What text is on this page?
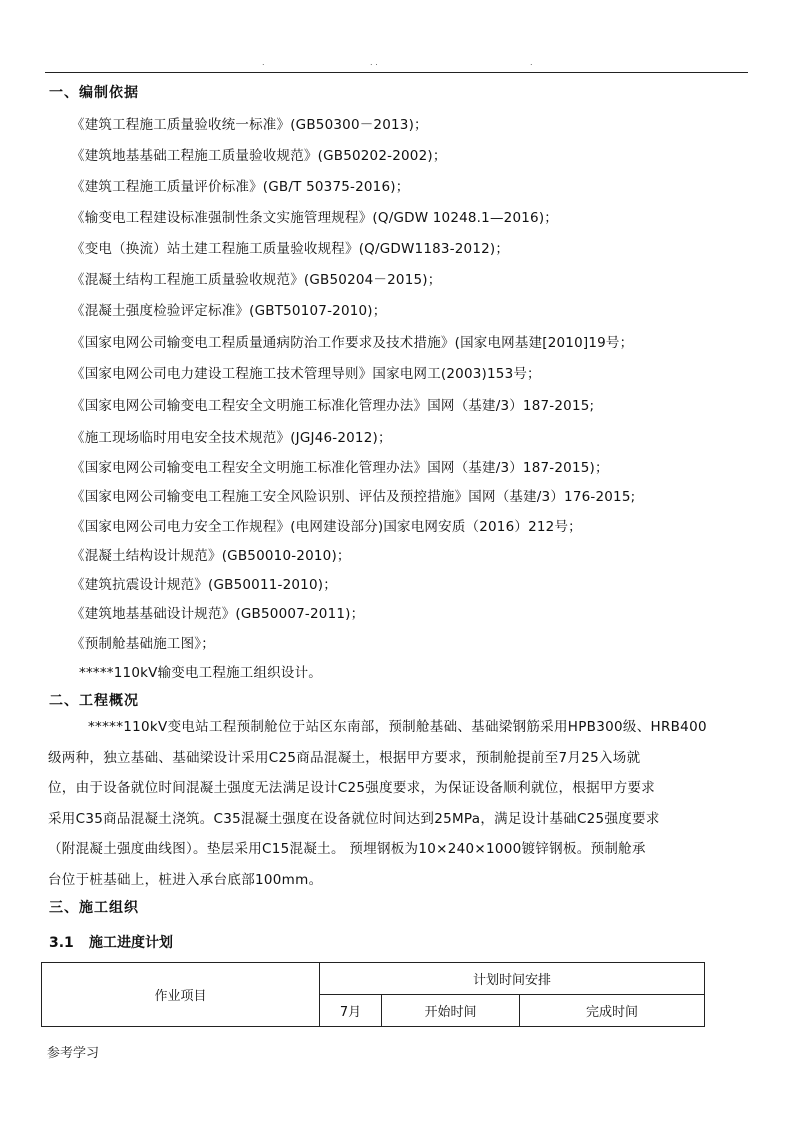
.	. .	.
一、编制依据
《建筑工程施工质量验收统一标准》(GB50300－2013)；
《建筑地基基础工程施工质量验收规范》(GB50202-2002)；
《建筑工程施工质量评价标准》(GB/T 50375-2016)；
《输变电工程建设标准强制性条文实施管理规程》(Q/GDW 10248.1—2016)；
《变电（换流）站土建工程施工质量验收规程》(Q/GDW1183-2012)；
《混凝土结构工程施工质量验收规范》(GB50204－2015)；
《混凝土强度检验评定标准》(GBT50107-2010)；
《国家电网公司输变电工程质量通病防治工作要求及技术措施》(国家电网基建[2010]19号；
《国家电网公司电力建设工程施工技术管理导则》国家电网工(2003)153号；
《国家电网公司输变电工程安全文明施工标准化管理办法》国网（基建/3）187-2015;
《施工现场临时用电安全技术规范》(JGJ46-2012)；
《国家电网公司输变电工程安全文明施工标准化管理办法》国网（基建/3）187-2015)；
《国家电网公司输变电工程施工安全风险识别、评估及预控措施》国网（基建/3）176-2015;
《国家电网公司电力安全工作规程》(电网建设部分)国家电网安质（2016）212号；
《混凝土结构设计规范》(GB50010-2010)；
《建筑抗震设计规范》(GB50011-2010)；
《建筑地基基础设计规范》(GB50007-2011)；
《预制舱基础施工图》；
*****110kV输变电工程施工组织设计。
二、工程概况
*****110kV变电站工程预制舱位于站区东南部，预制舱基础、基础梁钢筋采用HPB300级、HRB400
级两种，独立基础、基础梁设计采用C25商品混凝土，根据甲方要求，预制舱提前至7月25入场就
位，由于设备就位时间混凝土强度无法满足设计C25强度要求，为保证设备顺利就位，根据甲方要求
采用C35商品混凝土浇筑。C35混凝土强度在设备就位时间达到25MPa，满足设计基础C25强度要求
（附混凝土强度曲线图）。垫层采用C15混凝土。 预埋钢板为10×240×1000镀锌钢板。预制舱承
台位于桩基础上，桩进入承台底部100mm。
三、施工组织
3.1 施工进度计划
作业项目	计划时间安排		
	7月	开始时间	完成时间
参考学习
